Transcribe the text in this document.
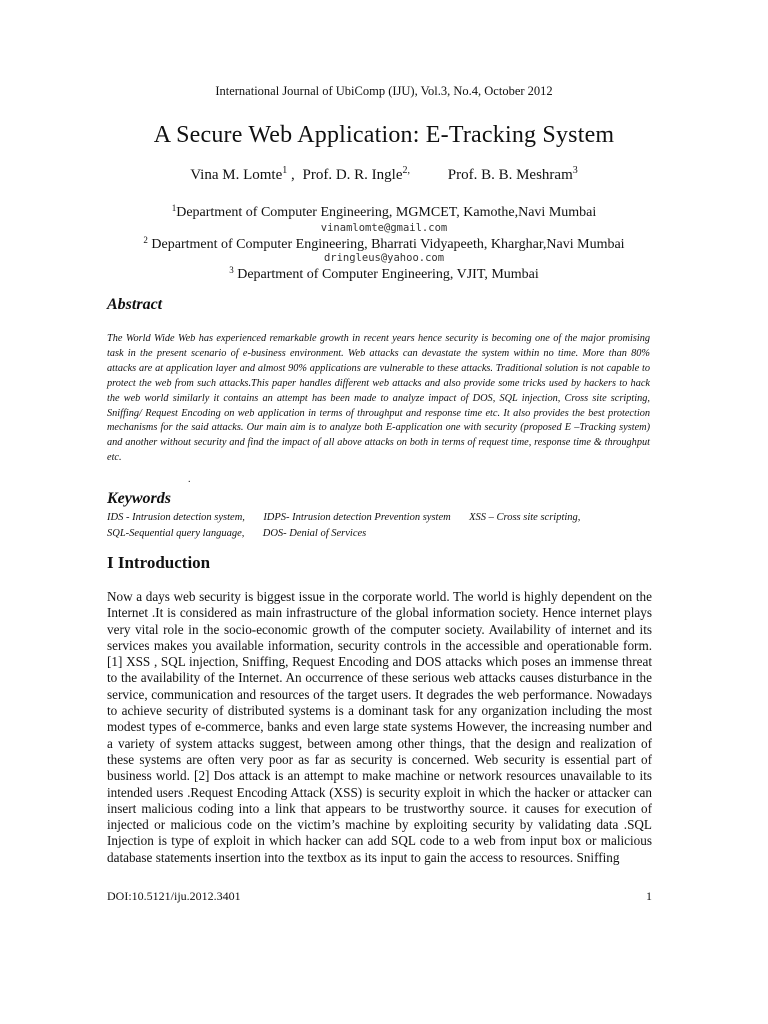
International Journal of UbiComp (IJU), Vol.3, No.4, October 2012
A Secure Web Application: E-Tracking System
Vina M. Lomte$^1$ , Prof. D. R. Ingle$^{2,}$	Prof. B. B. Meshram$^3$
$^1$Department of Computer Engineering, MGMCET, Kamothe,Navi Mumbai
vinamlomte@gmail.com
$^2$ Department of Computer Engineering, Bharrati Vidyapeeth, Kharghar,Navi Mumbai
dringleus@yahoo.com
$^3$ Department of Computer Engineering, VJIT, Mumbai
Abstract

The World Wide Web has experienced remarkable growth in recent years hence security is becoming one of the major promising task in the present scenario of e-business environment. Web attacks can devastate the system within no time. More than 80% attacks are at application layer and almost 90% applications are vulnerable to these attacks. Traditional solution is not capable to protect the web from such attacks.This paper handles different web attacks and also provide some tricks used by hackers to hack the web world similarly it contains an attempt has been made to analyze impact of DOS, SQL injection, Cross site scripting, Sniffing/ Request Encoding on web application in terms of throughput and response time etc. It also provides the best protection mechanisms for the said attacks. Our main aim is to analyze both E-application one with security (proposed E –Tracking system) and another without security and find the impact of all above attacks on both in terms of request time, response time & throughput etc.

.
Keywords

IDS - Intrusion detection system, IDPS- Intrusion detection Prevention system XSS – Cross site scripting,       SQL-Sequential query language, DOS- Denial of Services

I Introduction

Now a days web security is biggest issue in the corporate world. The world is highly dependent on the Internet .It is considered as main infrastructure of the global information society. Hence internet plays very vital role in the socio-economic growth of the computer society. Availability of internet and its services makes you available information, security controls in the accessible and operationable form.[1] XSS , SQL injection, Sniffing, Request Encoding and DOS attacks which poses an immense threat to the availability of the Internet. An occurrence of these serious web attacks causes disturbance in the service, communication and resources of the target users. It degrades the web performance. Nowadays to achieve security of distributed systems is a dominant task for any organization including the most modest types of e-commerce, banks and even large state systems However, the increasing number and a variety of system attacks suggest, between among other things, that the design and realization of these systems are often very poor as far as security is concerned. Web security is essential part of business world. [2] Dos attack is an attempt to make machine or network resources unavailable to its intended users .Request Encoding Attack (XSS) is security exploit in which the hacker or attacker can insert malicious coding into a link that appears to be trustworthy source. it causes for execution of injected or malicious code on the victim’s machine by exploiting security by validating data .SQL Injection is type of exploit in which hacker can add SQL code to a web from input box or malicious database statements insertion into the textbox as its input to gain the access to resources. Sniffing

DOI:10.5121/iju.2012.3401	1
